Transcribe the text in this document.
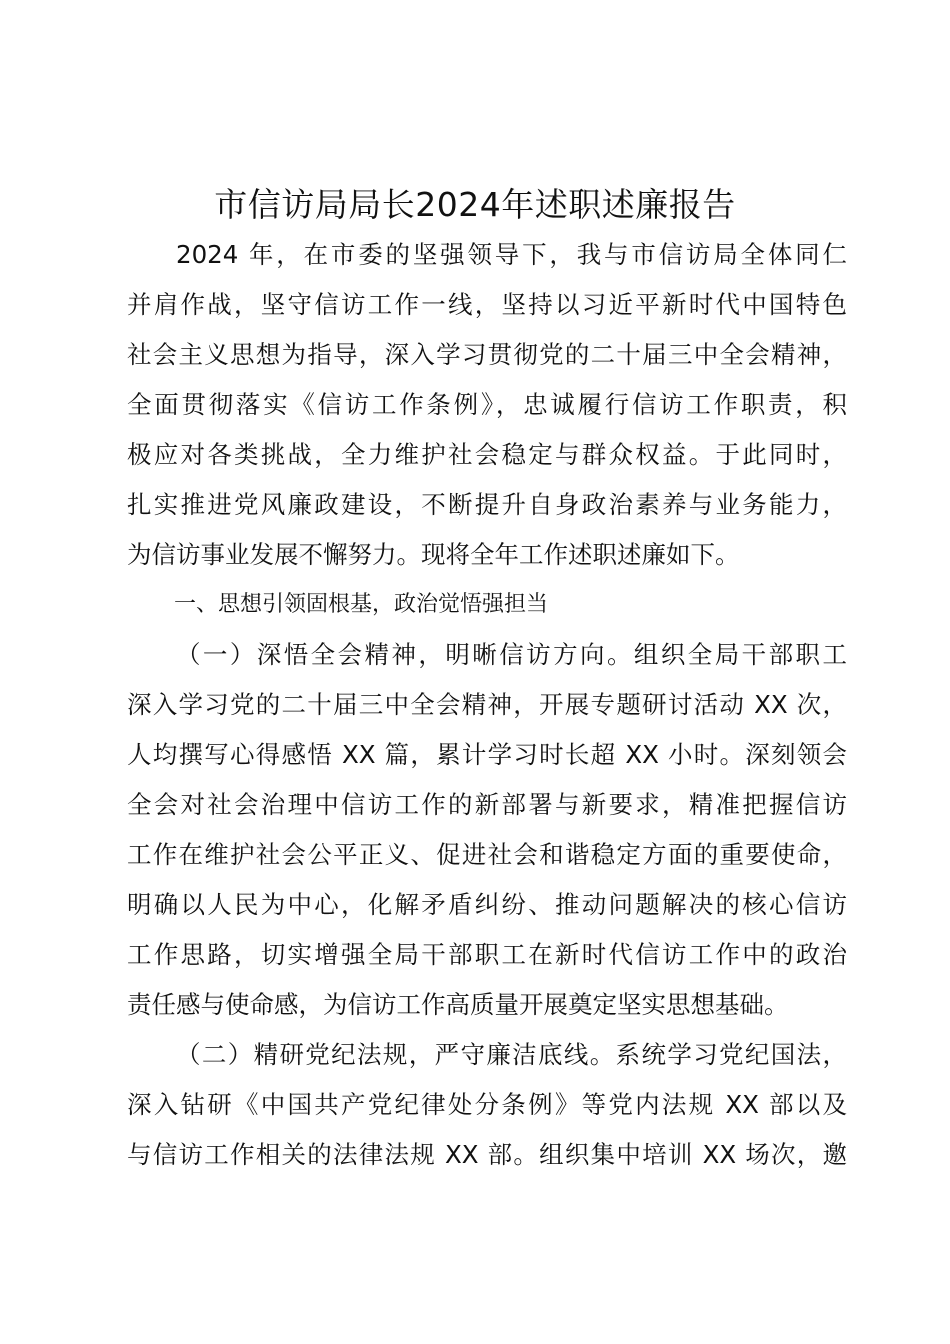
市信访局局长2024年述职述廉报告
2024 年，在市委的坚强领导下，我与市信访局全体同仁
并肩作战，坚守信访工作一线，坚持以习近平新时代中国特色
社会主义思想为指导，深入学习贯彻党的二十届三中全会精神，
全面贯彻落实《信访工作条例》，忠诚履行信访工作职责，积
极应对各类挑战，全力维护社会稳定与群众权益。于此同时，
扎实推进党风廉政建设，不断提升自身政治素养与业务能力，
为信访事业发展不懈努力。现将全年工作述职述廉如下。
一、思想引领固根基，政治觉悟强担当
（一）深悟全会精神，明晰信访方向。组织全局干部职工
深入学习党的二十届三中全会精神，开展专题研讨活动 XX 次，
人均撰写心得感悟 XX 篇，累计学习时长超 XX 小时。深刻领会
全会对社会治理中信访工作的新部署与新要求，精准把握信访
工作在维护社会公平正义、促进社会和谐稳定方面的重要使命，
明确以人民为中心，化解矛盾纠纷、推动问题解决的核心信访
工作思路，切实增强全局干部职工在新时代信访工作中的政治
责任感与使命感，为信访工作高质量开展奠定坚实思想基础。
（二）精研党纪法规，严守廉洁底线。系统学习党纪国法，
深入钻研《中国共产党纪律处分条例》等党内法规 XX 部以及
与信访工作相关的法律法规 XX 部。组织集中培训 XX 场次，邀
